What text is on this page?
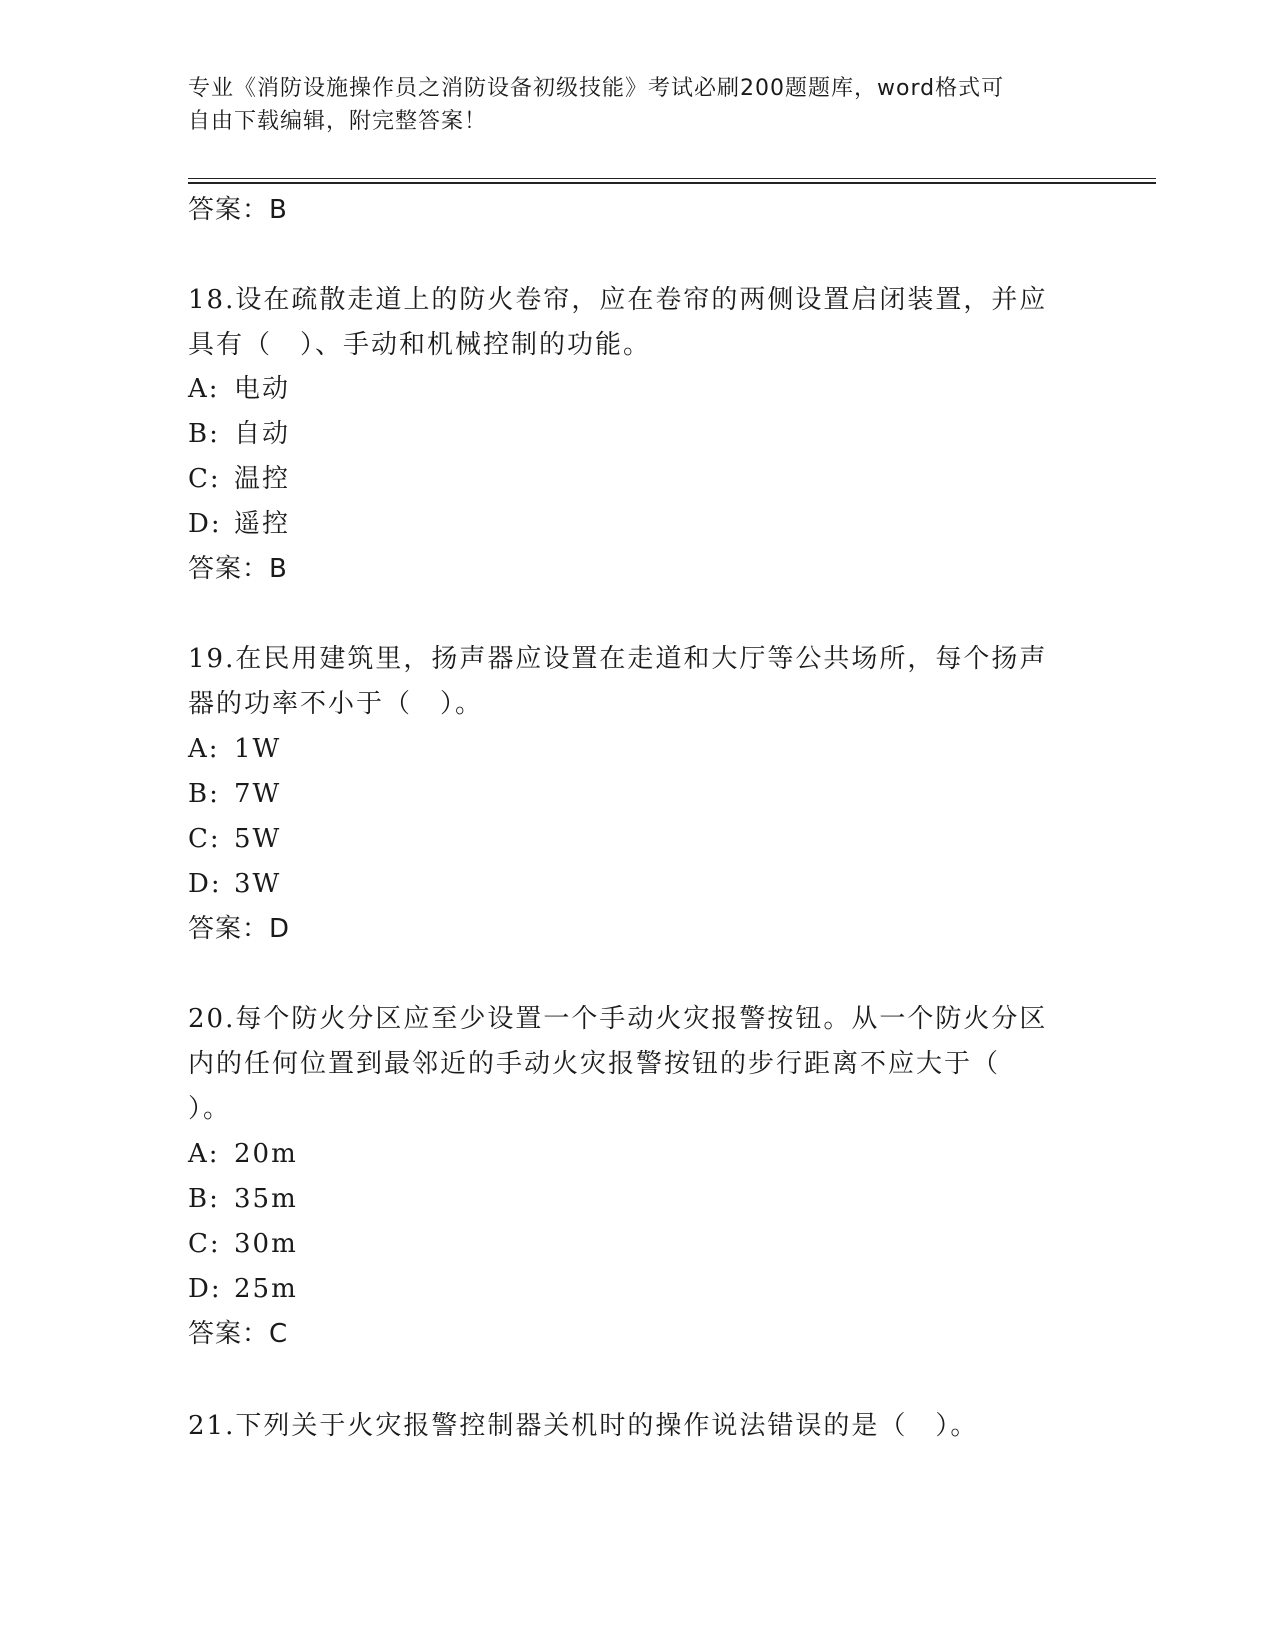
专业《消防设施操作员之消防设备初级技能》考试必刷200题题库，word格式可
自由下载编辑，附完整答案！
答案：B
18.设在疏散走道上的防火卷帘，应在卷帘的两侧设置启闭装置，并应
具有（　）、手动和机械控制的功能。
A: 电动
B: 自动
C: 温控
D: 遥控
答案：B
19.在民用建筑里，扬声器应设置在走道和大厅等公共场所，每个扬声
器的功率不小于（　）。
A: 1W
B: 7W
C: 5W
D: 3W
答案：D
20.每个防火分区应至少设置一个手动火灾报警按钮。从一个防火分区
内的任何位置到最邻近的手动火灾报警按钮的步行距离不应大于（
）。
A: 20m
B: 35m
C: 30m
D: 25m
答案：C
21.下列关于火灾报警控制器关机时的操作说法错误的是（　）。
